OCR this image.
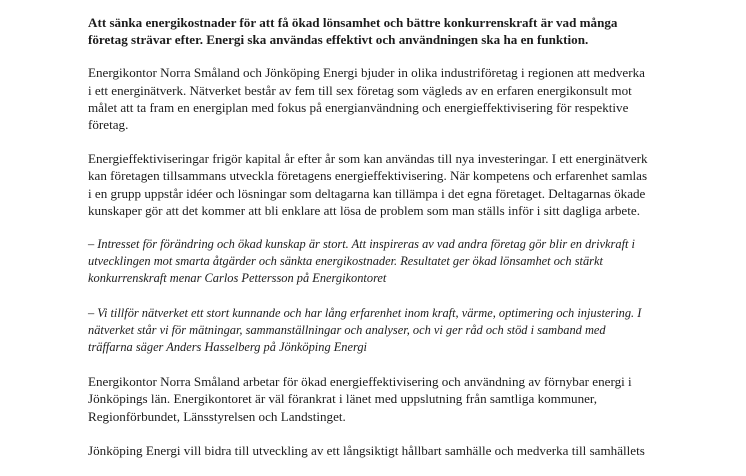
Att sänka energikostnader för att få ökad lönsamhet och bättre konkurrenskraft är vad många företag strävar efter. Energi ska användas effektivt och användningen ska ha en funktion.

Energikontor Norra Småland och Jönköping Energi bjuder in olika industriföretag i regionen att medverka i ett energinätverk. Nätverket består av fem till sex företag som vägleds av en erfaren energikonsult mot målet att ta fram en energiplan med fokus på energianvändning och energieffektivisering för respektive företag.

Energieffektiviseringar frigör kapital år efter år som kan användas till nya investeringar. I ett energinätverk kan företagen tillsammans utveckla företagens energieffektivisering. När kompetens och erfarenhet samlas i en grupp uppstår idéer och lösningar som deltagarna kan tillämpa i det egna företaget. Deltagarnas ökade kunskaper gör att det kommer att bli enklare att lösa de problem som man ställs inför i sitt dagliga arbete.

– Intresset för förändring och ökad kunskap är stort. Att inspireras av vad andra företag gör blir en drivkraft i utvecklingen mot smarta åtgärder och sänkta energikostnader. Resultatet ger ökad lönsamhet och stärkt konkurrenskraft menar Carlos Pettersson på Energikontoret

– Vi tillför nätverket ett stort kunnande och har lång erfarenhet inom kraft, värme, optimering och injustering. I nätverket står vi för mätningar, sammanställningar och analyser, och vi ger råd och stöd i samband med träffarna säger Anders Hasselberg på Jönköping Energi

Energikontor Norra Småland arbetar för ökad energieffektivisering och användning av förnybar energi i Jönköpings län. Energikontoret är väl förankrat i länet med uppslutning från samtliga kommuner, Regionförbundet, Länsstyrelsen och Landstinget.

Jönköping Energi vill bidra till utveckling av ett långsiktigt hållbart samhälle och medverka till samhällets
